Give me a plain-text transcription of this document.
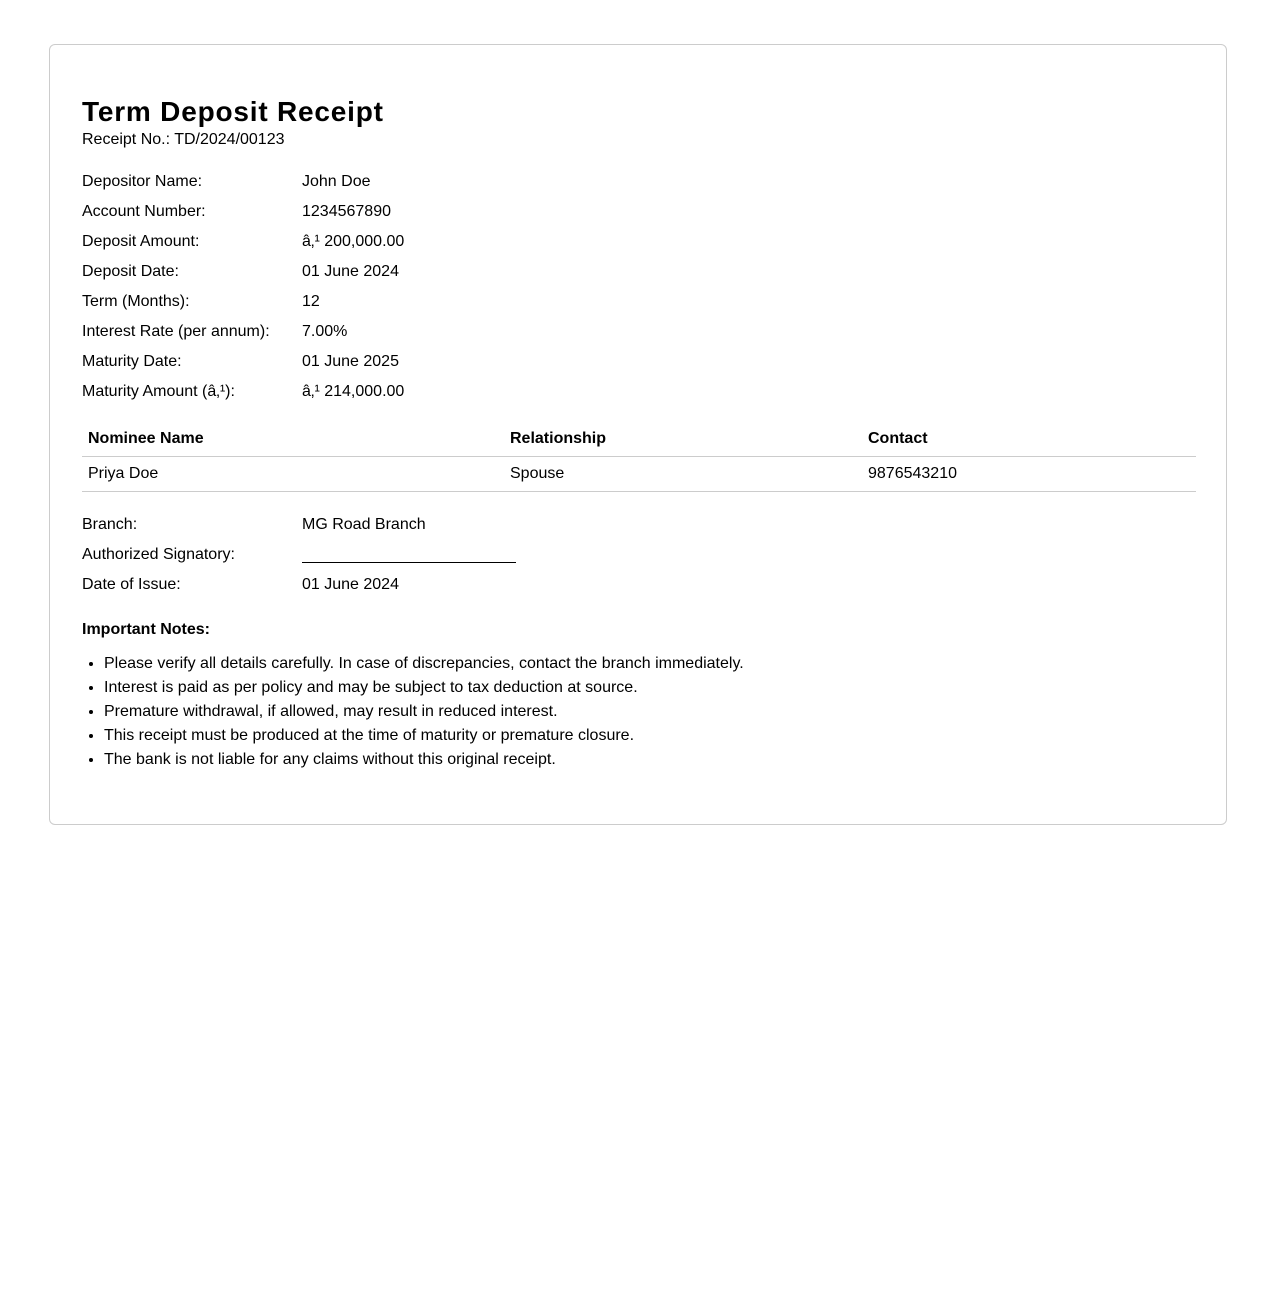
Term Deposit Receipt
Receipt No.: TD/2024/00123
Depositor Name:	John Doe
Account Number:	1234567890
Deposit Amount:	â‚¹ 200,000.00
Deposit Date:	01 June 2024
Term (Months):	12
Interest Rate (per annum):	7.00%
Maturity Date:	01 June 2025
Maturity Amount (â‚¹):	â‚¹ 214,000.00
Nominee Name	Relationship	Contact
Priya Doe	Spouse	9876543210
Branch:	MG Road Branch
Authorized Signatory:
Date of Issue:	01 June 2024
Important Notes:
• Please verify all details carefully. In case of discrepancies, contact the branch immediately.
• Interest is paid as per policy and may be subject to tax deduction at source.
• Premature withdrawal, if allowed, may result in reduced interest.
• This receipt must be produced at the time of maturity or premature closure.
• The bank is not liable for any claims without this original receipt.
